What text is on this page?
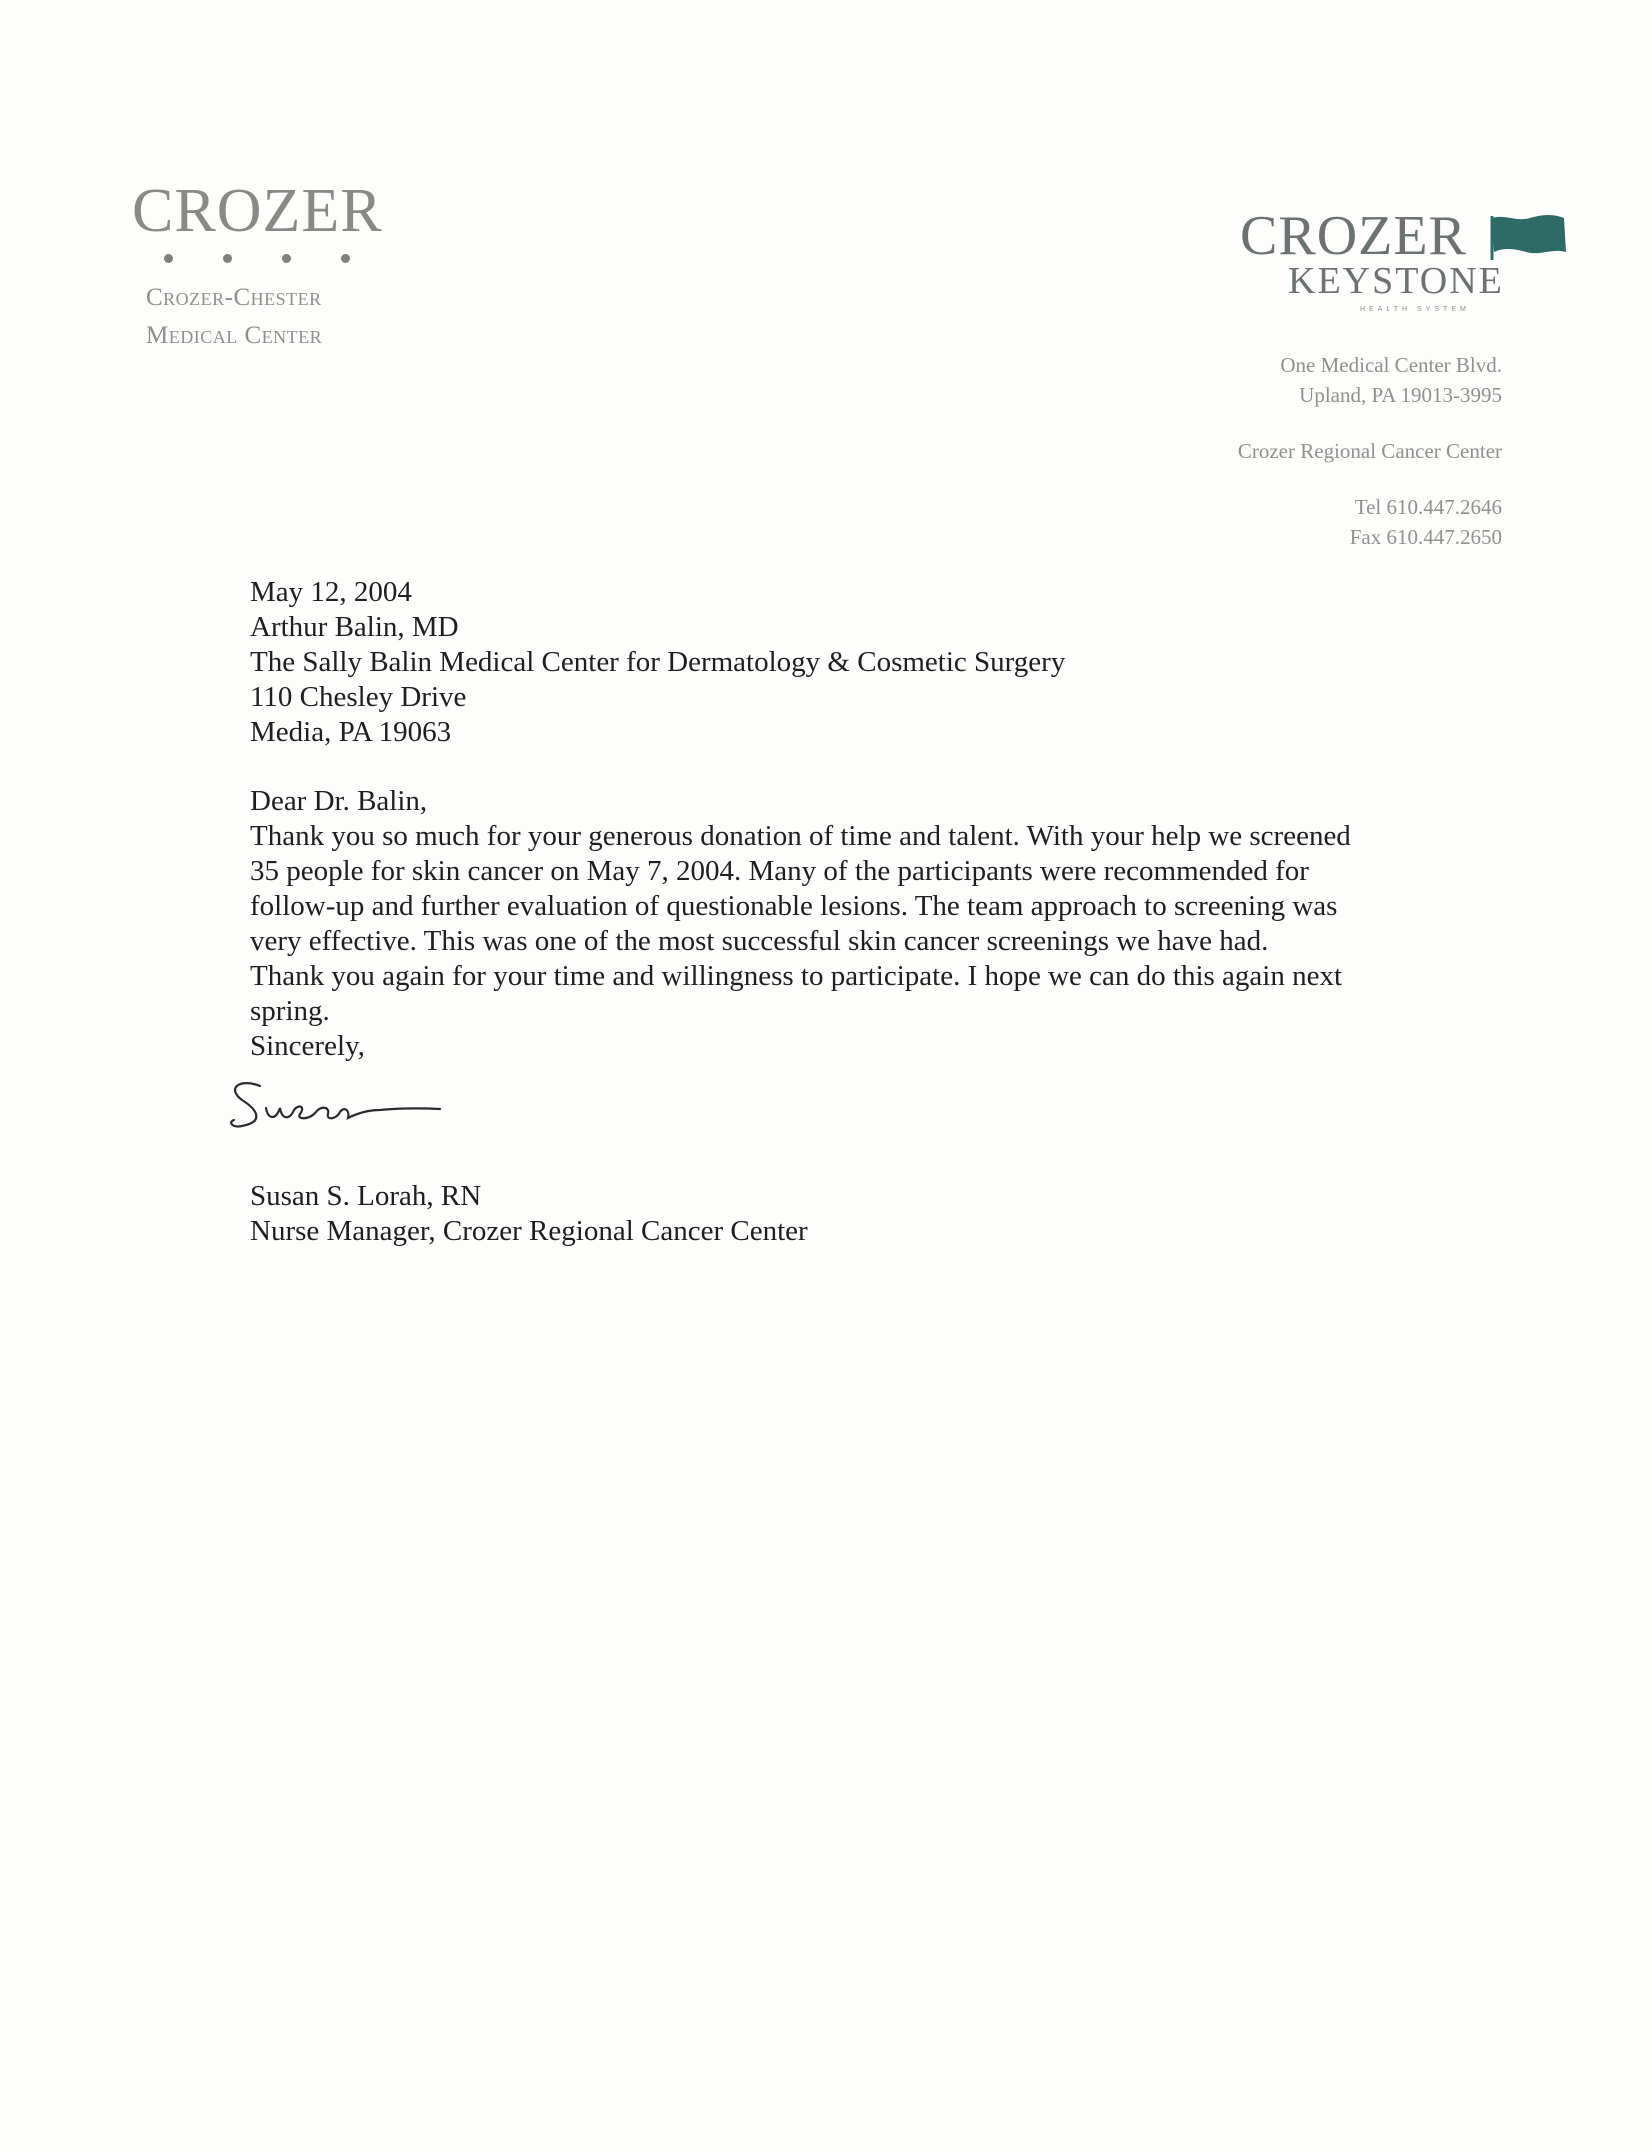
CROZER
Crozer-Chester
Medical Center
CROZER
KEYSTONE
HEALTH SYSTEM
One Medical Center Blvd.
Upland, PA 19013-3995
Crozer Regional Cancer Center
Tel 610.447.2646
Fax 610.447.2650

May 12, 2004

Arthur Balin, MD

The Sally Balin Medical Center for Dermatology & Cosmetic Surgery

110 Chesley Drive

Media, PA 19063

Dear Dr. Balin,

Thank you so much for your generous donation of time and talent. With your help we screened 35 people for skin cancer on May 7, 2004. Many of the participants were recommended for follow-up and further evaluation of questionable lesions. The team approach to screening was very effective. This was one of the most successful skin cancer screenings we have had.

Thank you again for your time and willingness to participate. I hope we can do this again next spring.

Sincerely,

Susan S. Lorah, RN

Nurse Manager, Crozer Regional Cancer Center
